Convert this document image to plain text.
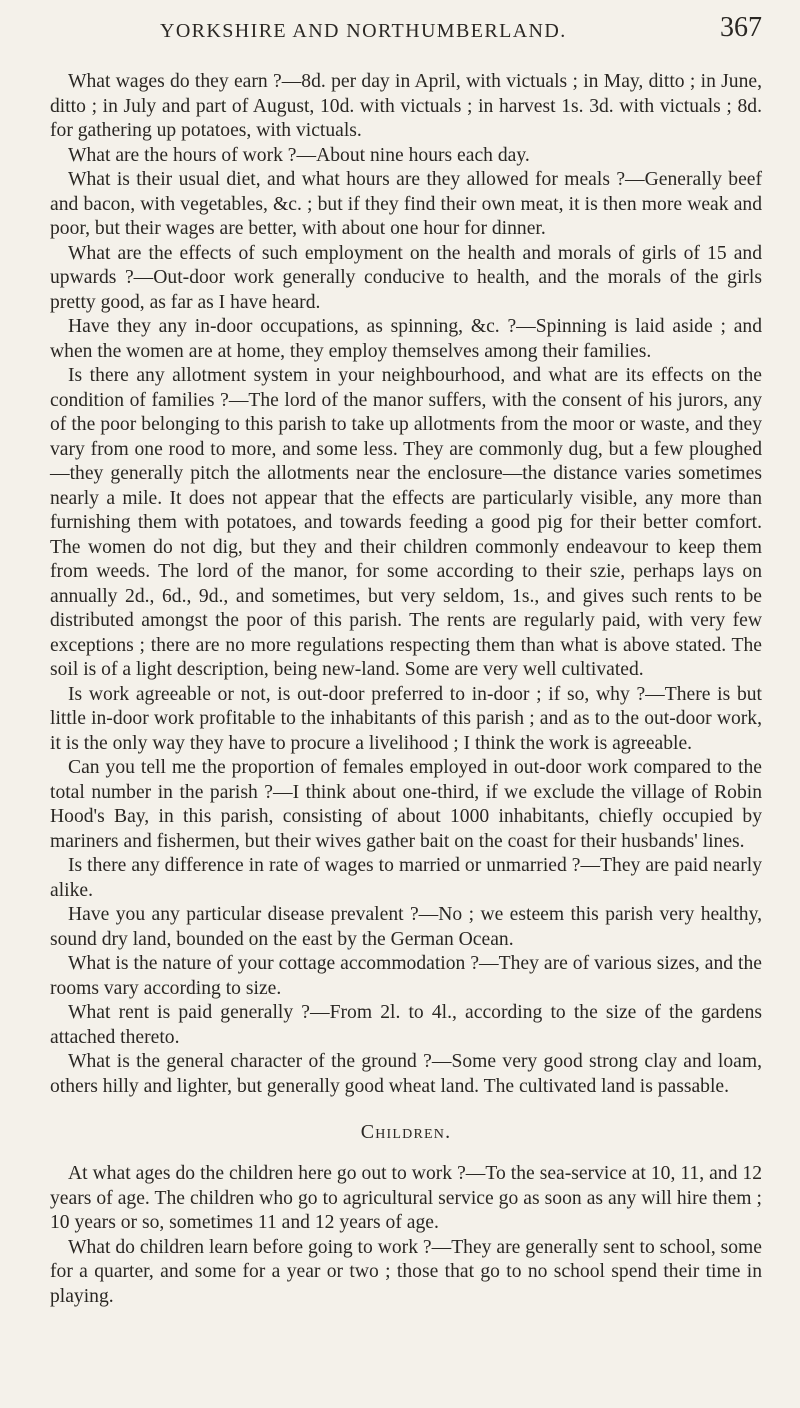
YORKSHIRE AND NORTHUMBERLAND.	367

What wages do they earn ?—8d. per day in April, with victuals ; in May, ditto ; in June, ditto ; in July and part of August, 10d. with victuals ; in harvest 1s. 3d. with victuals ; 8d. for gathering up potatoes, with victuals.

What are the hours of work ?—About nine hours each day.

What is their usual diet, and what hours are they allowed for meals ?—Generally beef and bacon, with vegetables, &c. ; but if they find their own meat, it is then more weak and poor, but their wages are better, with about one hour for dinner.

What are the effects of such employment on the health and morals of girls of 15 and upwards ?—Out-door work generally conducive to health, and the morals of the girls pretty good, as far as I have heard.

Have they any in-door occupations, as spinning, &c. ?—Spinning is laid aside ; and when the women are at home, they employ themselves among their families.

Is there any allotment system in your neighbourhood, and what are its effects on the condition of families ?—The lord of the manor suffers, with the consent of his jurors, any of the poor belonging to this parish to take up allotments from the moor or waste, and they vary from one rood to more, and some less. They are commonly dug, but a few ploughed—they generally pitch the allotments near the enclosure—the distance varies sometimes nearly a mile. It does not appear that the effects are particularly visible, any more than furnishing them with potatoes, and towards feeding a good pig for their better comfort. The women do not dig, but they and their children commonly endeavour to keep them from weeds. The lord of the manor, for some according to their szie, perhaps lays on annually 2d., 6d., 9d., and sometimes, but very seldom, 1s., and gives such rents to be distributed amongst the poor of this parish. The rents are regularly paid, with very few exceptions ; there are no more regulations respecting them than what is above stated. The soil is of a light description, being new-land. Some are very well cultivated.

Is work agreeable or not, is out-door preferred to in-door ; if so, why ?—There is but little in-door work profitable to the inhabitants of this parish ; and as to the out-door work, it is the only way they have to procure a livelihood ; I think the work is agreeable.

Can you tell me the proportion of females employed in out-door work compared to the total number in the parish ?—I think about one-third, if we exclude the village of Robin Hood's Bay, in this parish, consisting of about 1000 inhabitants, chiefly occupied by mariners and fishermen, but their wives gather bait on the coast for their husbands' lines.

Is there any difference in rate of wages to married or unmarried ?—They are paid nearly alike.

Have you any particular disease prevalent ?—No ; we esteem this parish very healthy, sound dry land, bounded on the east by the German Ocean.

What is the nature of your cottage accommodation ?—They are of various sizes, and the rooms vary according to size.

What rent is paid generally ?—From 2l. to 4l., according to the size of the gardens attached thereto.

What is the general character of the ground ?—Some very good strong clay and loam, others hilly and lighter, but generally good wheat land. The cultivated land is passable.

Children.

At what ages do the children here go out to work ?—To the sea-service at 10, 11, and 12 years of age. The children who go to agricultural service go as soon as any will hire them ; 10 years or so, sometimes 11 and 12 years of age.

What do children learn before going to work ?—They are generally sent to school, some for a quarter, and some for a year or two ; those that go to no school spend their time in playing.
